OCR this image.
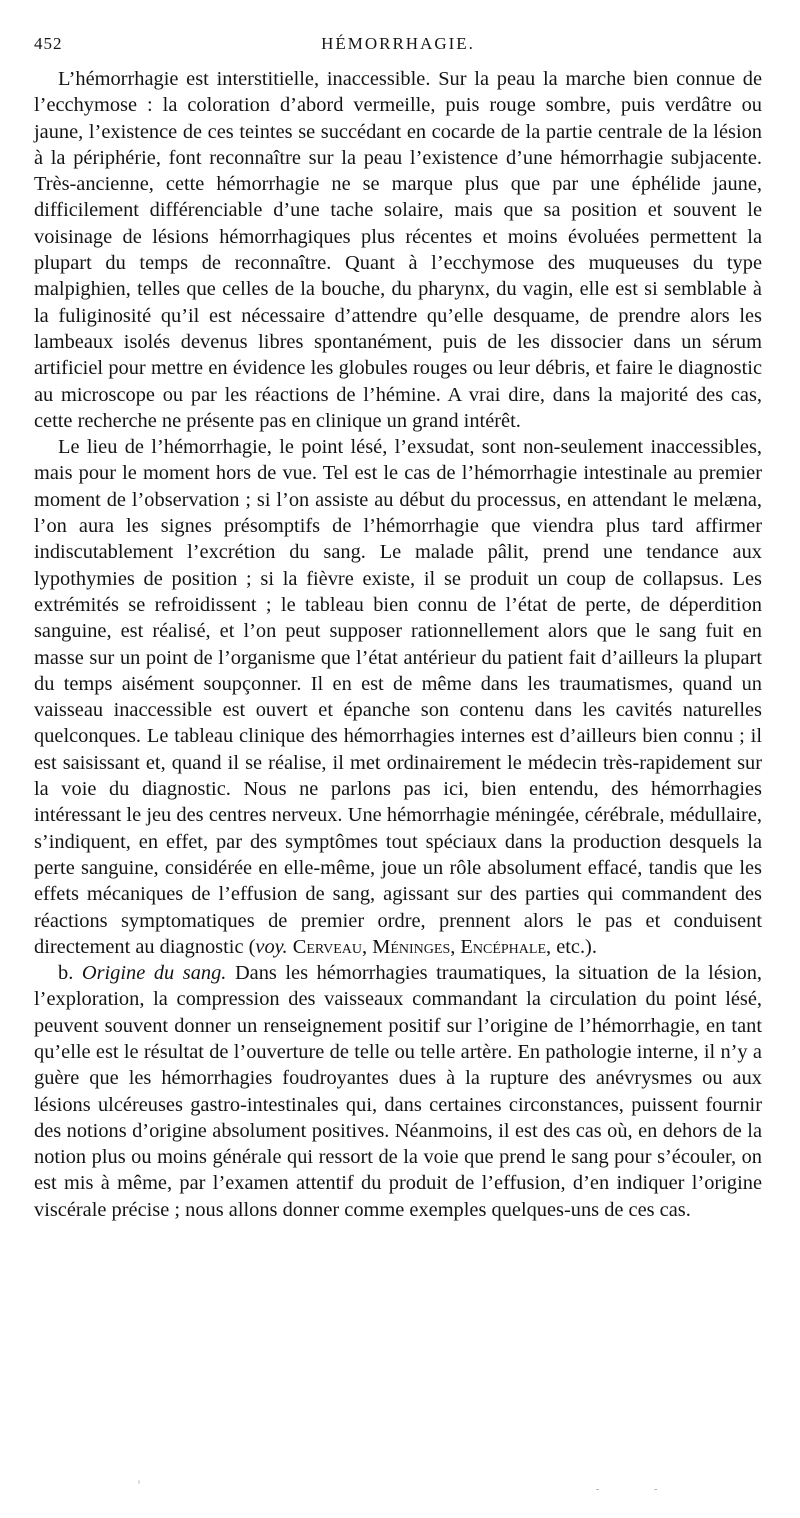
452	HÉMORRHAGIE.

L’hémorrhagie est interstitielle, inaccessible. Sur la peau la marche bien connue de l’ecchymose : la coloration d’abord vermeille, puis rouge sombre, puis verdâtre ou jaune, l’existence de ces teintes se succédant en cocarde de la partie centrale de la lésion à la périphérie, font reconnaître sur la peau l’existence d’une hémorrhagie subjacente. Très-ancienne, cette hémorrhagie ne se marque plus que par une éphélide jaune, difficilement différenciable d’une tache solaire, mais que sa position et souvent le voisinage de lésions hémorrhagiques plus récentes et moins évoluées permettent la plupart du temps de reconnaître. Quant à l’ecchymose des muqueuses du type malpighien, telles que celles de la bouche, du pharynx, du vagin, elle est si semblable à la fuliginosité qu’il est nécessaire d’attendre qu’elle desquame, de prendre alors les lambeaux isolés devenus libres spontanément, puis de les dissocier dans un sérum artificiel pour mettre en évidence les globules rouges ou leur débris, et faire le diagnostic au microscope ou par les réactions de l’hémine. A vrai dire, dans la majorité des cas, cette recherche ne présente pas en clinique un grand intérêt.

Le lieu de l’hémorrhagie, le point lésé, l’exsudat, sont non-seulement inaccessibles, mais pour le moment hors de vue. Tel est le cas de l’hémorrhagie intestinale au premier moment de l’observation ; si l’on assiste au début du processus, en attendant le melæna, l’on aura les signes présomptifs de l’hémorrhagie que viendra plus tard affirmer indiscutablement l’excrétion du sang. Le malade pâlit, prend une tendance aux lypothymies de position ; si la fièvre existe, il se produit un coup de collapsus. Les extrémités se refroidissent ; le tableau bien connu de l’état de perte, de déperdition sanguine, est réalisé, et l’on peut supposer rationnellement alors que le sang fuit en masse sur un point de l’organisme que l’état antérieur du patient fait d’ailleurs la plupart du temps aisément soupçonner. Il en est de même dans les traumatismes, quand un vaisseau inaccessible est ouvert et épanche son contenu dans les cavités naturelles quelconques. Le tableau clinique des hémorrhagies internes est d’ailleurs bien connu ; il est saisissant et, quand il se réalise, il met ordinairement le médecin très-rapidement sur la voie du diagnostic. Nous ne parlons pas ici, bien entendu, des hémorrhagies intéressant le jeu des centres nerveux. Une hémorrhagie méningée, cérébrale, médullaire, s’indiquent, en effet, par des symptômes tout spéciaux dans la production desquels la perte sanguine, considérée en elle-même, joue un rôle absolument effacé, tandis que les effets mécaniques de l’effusion de sang, agissant sur des parties qui commandent des réactions symptomatiques de premier ordre, prennent alors le pas et conduisent directement au diagnostic (voy. Cerveau, Méninges, Encéphale, etc.).

b. Origine du sang. Dans les hémorrhagies traumatiques, la situation de la lésion, l’exploration, la compression des vaisseaux commandant la circulation du point lésé, peuvent souvent donner un renseignement positif sur l’origine de l’hémorrhagie, en tant qu’elle est le résultat de l’ouverture de telle ou telle artère. En pathologie interne, il n’y a guère que les hémorrhagies foudroyantes dues à la rupture des anévrysmes ou aux lésions ulcéreuses gastro-intestinales qui, dans certaines circonstances, puissent fournir des notions d’origine absolument positives. Néanmoins, il est des cas où, en dehors de la notion plus ou moins générale qui ressort de la voie que prend le sang pour s’écouler, on est mis à même, par l’examen attentif du produit de l’effusion, d’en indiquer l’origine viscérale précise ; nous allons donner comme exemples quelques-uns de ces cas.

ˢ
-	-
